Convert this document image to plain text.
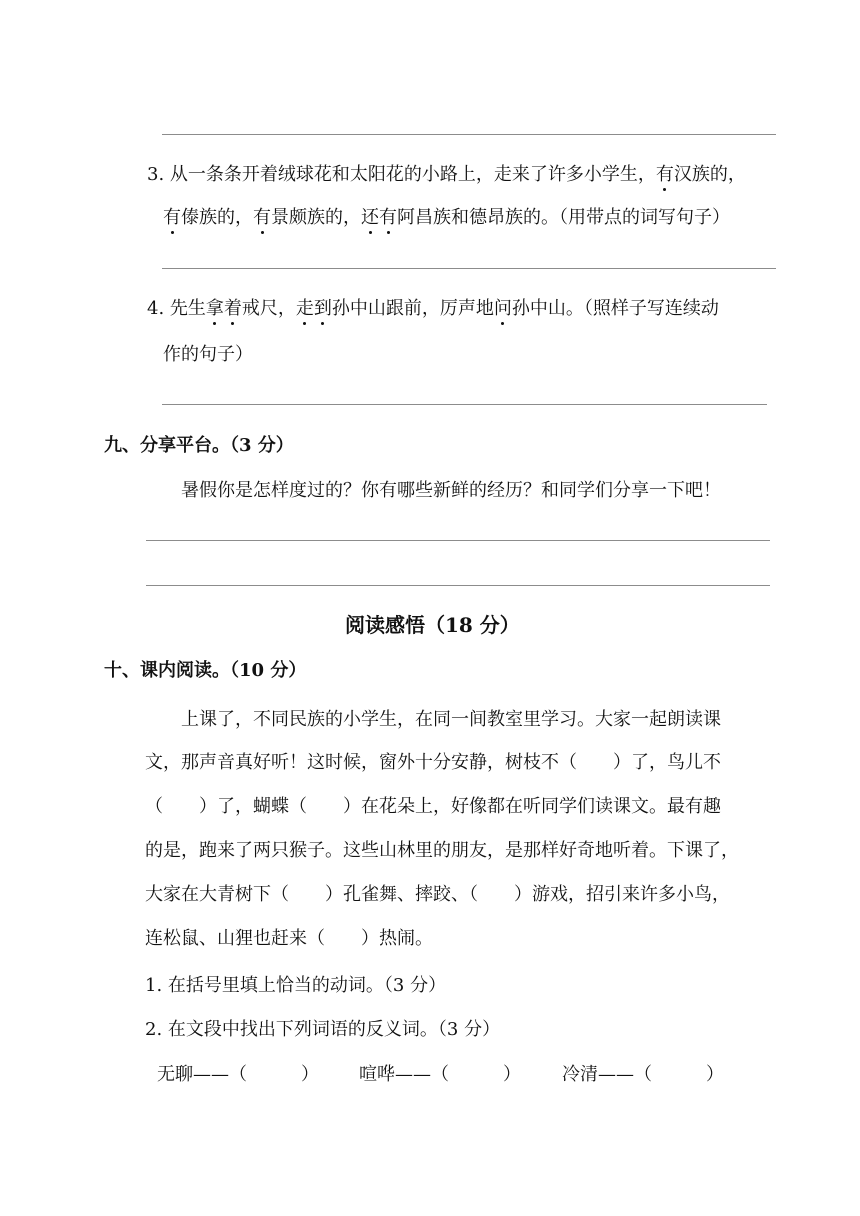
3. 从一条条开着绒球花和太阳花的小路上，走来了许多小学生，有汉族的，
有傣族的，有景颇族的，还有阿昌族和德昂族的。（用带点的词写句子）
4. 先生拿着戒尺，走到孙中山跟前，厉声地问孙中山。（照样子写连续动
作的句子）
九、分享平台。（3 分）
暑假你是怎样度过的？你有哪些新鲜的经历？和同学们分享一下吧！
阅读感悟（18 分）
十、课内阅读。（10 分）
上课了，不同民族的小学生，在同一间教室里学习。大家一起朗读课
文，那声音真好听！这时候，窗外十分安静，树枝不（　　）了，鸟儿不
（　　）了，蝴蝶（　　）在花朵上，好像都在听同学们读课文。最有趣
的是，跑来了两只猴子。这些山林里的朋友，是那样好奇地听着。下课了，
大家在大青树下（　　）孔雀舞、摔跤、（　　）游戏，招引来许多小鸟，
连松鼠、山狸也赶来（　　）热闹。
1. 在括号里填上恰当的动词。（3 分）
2. 在文段中找出下列词语的反义词。（3 分）
无聊——（　　　） 喧哗——（　　　） 冷清——（　　　）
